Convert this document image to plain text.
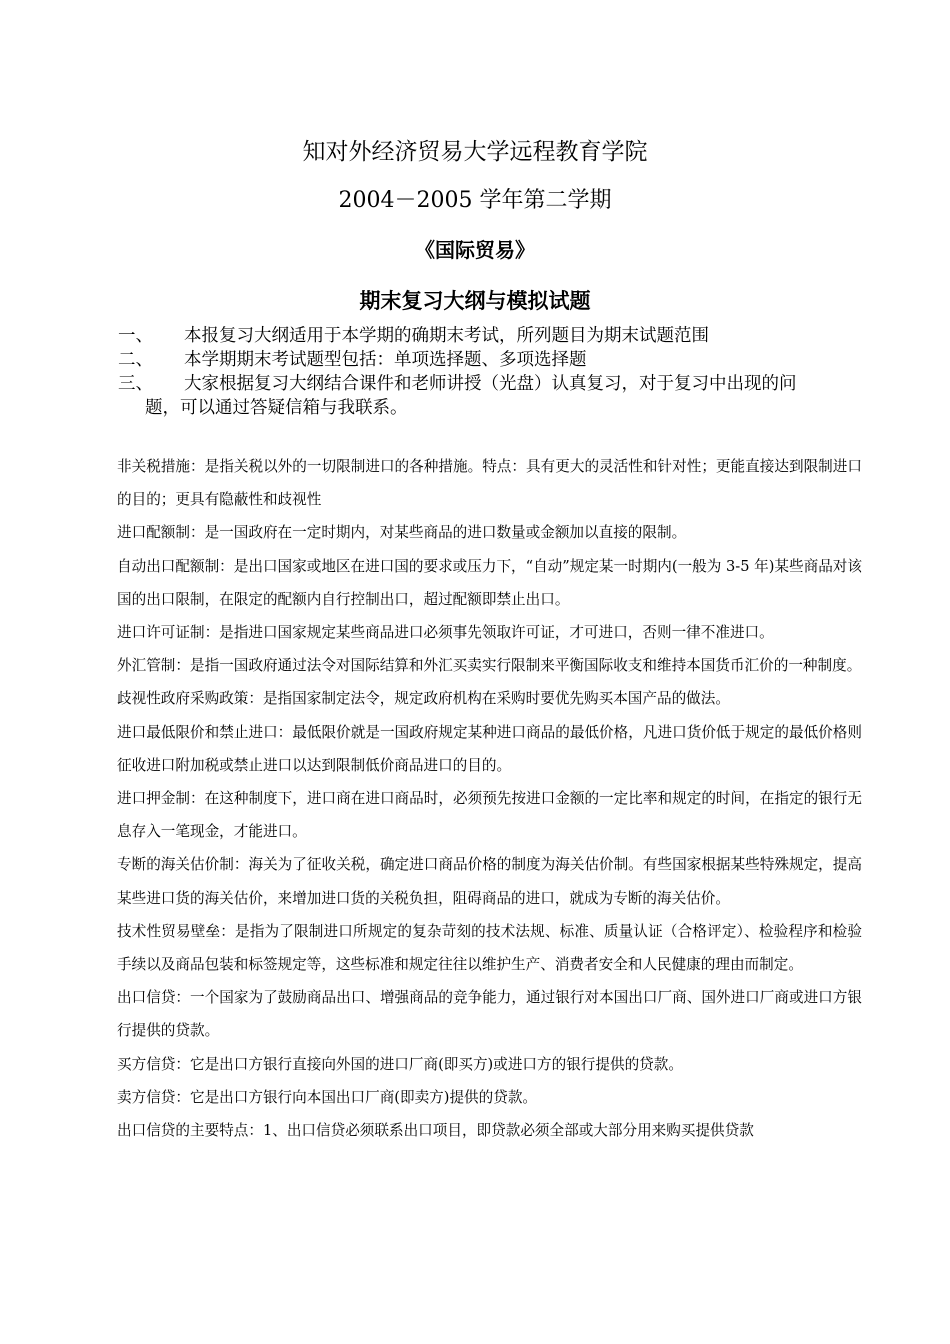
知对外经济贸易大学远程教育学院
2004－2005 学年第二学期
《国际贸易》
期末复习大纲与模拟试题
一、 本报复习大纲适用于本学期的确期末考试，所列题目为期末试题范围
二、 本学期期末考试题型包括：单项选择题、多项选择题
三、 大家根据复习大纲结合课件和老师讲授（光盘）认真复习，对于复习中出现的问
题，可以通过答疑信箱与我联系。

非关税措施：是指关税以外的一切限制进口的各种措施。特点：具有更大的灵活性和针对性；更能直接达到限制进口的目的；更具有隐蔽性和歧视性

进口配额制：是一国政府在一定时期内，对某些商品的进口数量或金额加以直接的限制。

自动出口配额制：是出口国家或地区在进口国的要求或压力下，“自动”规定某一时期内(一般为 3-5 年)某些商品对该国的出口限制，在限定的配额内自行控制出口，超过配额即禁止出口。

进口许可证制：是指进口国家规定某些商品进口必须事先领取许可证，才可进口，否则一律不准进口。

外汇管制：是指一国政府通过法令对国际结算和外汇买卖实行限制来平衡国际收支和维持本国货币汇价的一种制度。

歧视性政府采购政策：是指国家制定法令，规定政府机构在采购时要优先购买本国产品的做法。

进口最低限价和禁止进口：最低限价就是一国政府规定某种进口商品的最低价格，凡进口货价低于规定的最低价格则征收进口附加税或禁止进口以达到限制低价商品进口的目的。

进口押金制：在这种制度下，进口商在进口商品时，必须预先按进口金额的一定比率和规定的时间，在指定的银行无息存入一笔现金，才能进口。

专断的海关估价制：海关为了征收关税，确定进口商品价格的制度为海关估价制。有些国家根据某些特殊规定，提高某些进口货的海关估价，来增加进口货的关税负担，阻碍商品的进口，就成为专断的海关估价。

技术性贸易壁垒：是指为了限制进口所规定的复杂苛刻的技术法规、标准、质量认证（合格评定）、检验程序和检验手续以及商品包装和标签规定等，这些标准和规定往往以维护生产、消费者安全和人民健康的理由而制定。

出口信贷：一个国家为了鼓励商品出口、增强商品的竞争能力，通过银行对本国出口厂商、国外进口厂商或进口方银行提供的贷款。

买方信贷：它是出口方银行直接向外国的进口厂商(即买方)或进口方的银行提供的贷款。

卖方信贷：它是出口方银行向本国出口厂商(即卖方)提供的贷款。

出口信贷的主要特点：1、出口信贷必须联系出口项目，即贷款必须全部或大部分用来购买提供贷款
